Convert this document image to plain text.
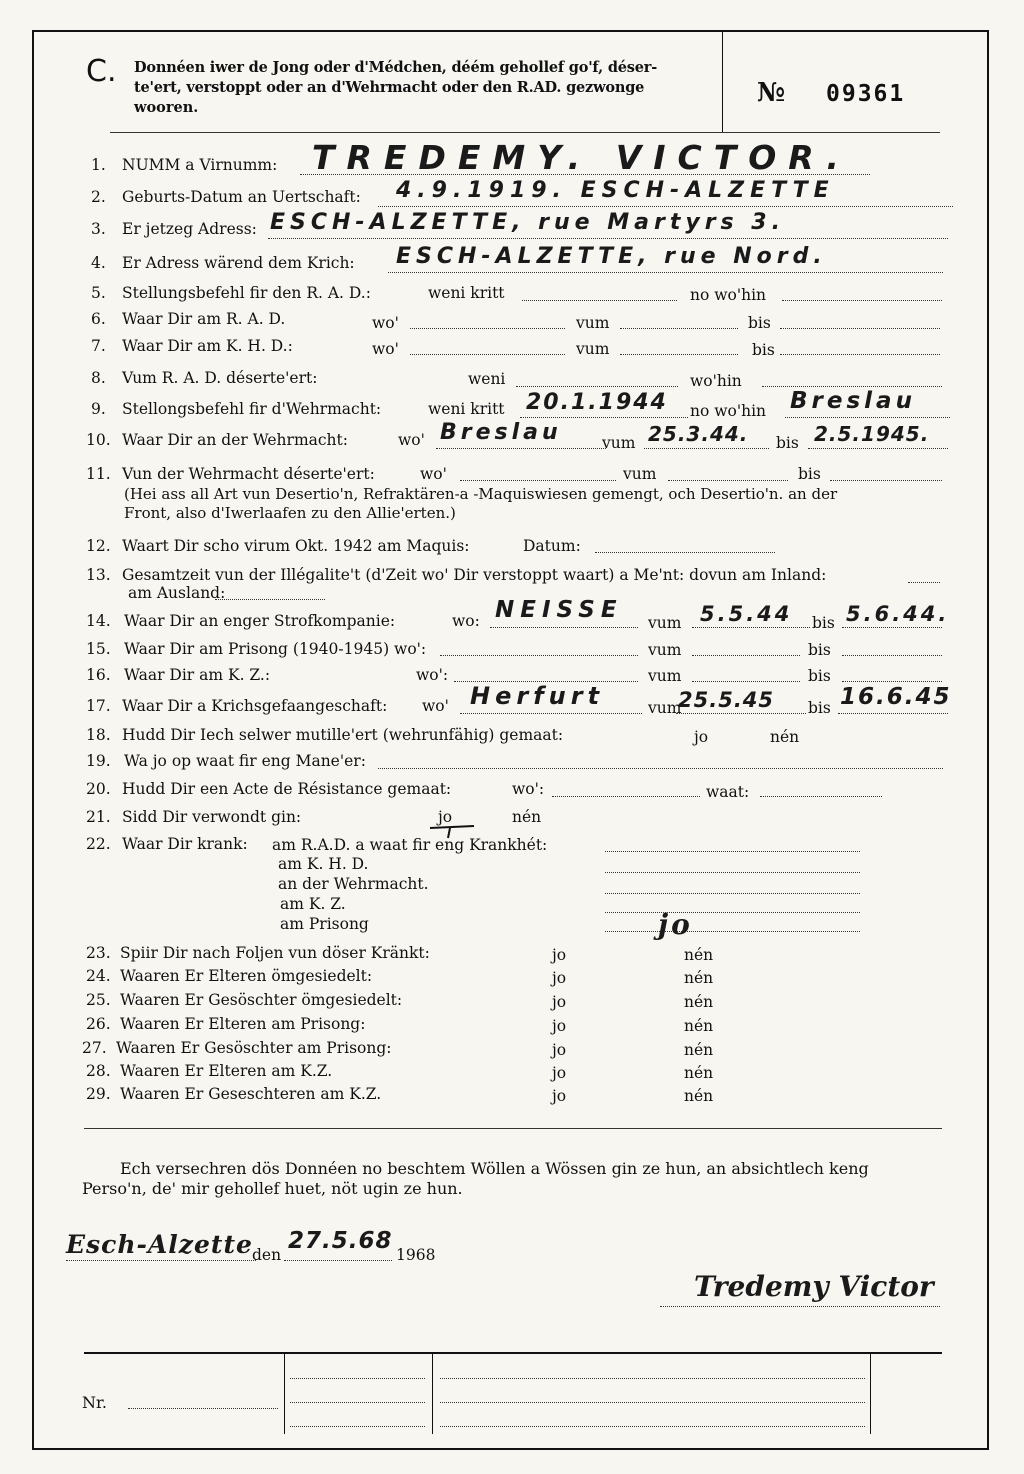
C. Donnéen iwer de Jong oder d'Médchen, déém gehollef go'f, déser-
te'ert, verstoppt oder an d'Wehrmacht oder den R.AD. gezwonge
wooren.	№ 09361
1. NUMM a Virnumm: TREDEMY. VICTOR.
2. Geburts-Datum an Uertschaft: 4.9.1919. ESCH-ALZETTE
3. Er jetzeg Adress: ESCH-ALZETTE, rue Martyrs 3.
4. Er Adress wärend dem Krich: ESCH-ALZETTE, rue Nord.
5. Stellungsbefehl fir den R. A. D.:	weni kritt	no wo'hin
6. Waar Dir am R. A. D.	wo'	vum	bis
7. Waar Dir am K. H. D.:	wo'	vum	bis
8. Vum R. A. D. déserte'ert:	weni	wo'hin
9. Stellongsbefehl fir d'Wehrmacht:	weni kritt 20.1.1944 no wo'hin Breslau
10. Waar Dir an der Wehrmacht:	wo' Breslau	vum 25.3.44. bis 2.5.1945.
11. Vun der Wehrmacht déserte'ert:	wo'	vum	bis
(Hei ass all Art vun Desertio'n, Refraktären-a -Maquiswiesen gemengt, och Desertio'n. an der
Front, also d'Iwerlaafen zu den Allie'erten.)
12. Waart Dir scho virum Okt. 1942 am Maquis:	Datum:
13. Gesamtzeit vun der Illégalite't (d'Zeit wo' Dir verstoppt waart) a Me'nt: dovun am Inland:
am Ausland:
14. Waar Dir an enger Strofkompanie:	wo: NEISSE vum 5.5.44 bis 5.6.44.
15. Waar Dir am Prisong (1940-1945) wo':	vum	bis
16. Waar Dir am K. Z.:	wo':	vum	bis
17. Waar Dir a Krichsgefaangeschaft: wo' Herfurt	vum
25.5.45 bis 16.6.45
18. Hudd Dir Iech selwer mutille'ert (wehrunfähig) gemaat:	jo	nén
19. Wa jo op waat fir eng Mane'er:
20. Hudd Dir een Acte de Résistance gemaat:	wo':	waat:
21. Sidd Dir verwondt gin:	jo	nén
22. Waar Dir krank: am R.A.D. a waat fir eng Krankhét:
am K. H. D.
an der Wehrmacht.
am K. Z.
am Prisong	jo
23. Spiir Dir nach Foljen vun döser Kränkt:	jo	nén
24. Waaren Er Elteren ömgesiedelt:	jo	nén
25. Waaren Er Gesöschter ömgesiedelt:	jo	nén
26. Waaren Er Elteren am Prisong:	jo	nén
27. Waaren Er Gesöschter am Prisong:	jo	nén
28. Waaren Er Elteren am K.Z.	jo	nén
29. Waaren Er Geseschteren am K.Z.	jo	nén
Ech versechren dös Donnéen no beschtem Wöllen a Wössen gin ze hun, an absichtlech keng
Perso'n, de' mir gehollef huet, nöt ugin ze hun.
Esch-Alzette den
27.5.68
1968
Tredemy Victor
Nr.
